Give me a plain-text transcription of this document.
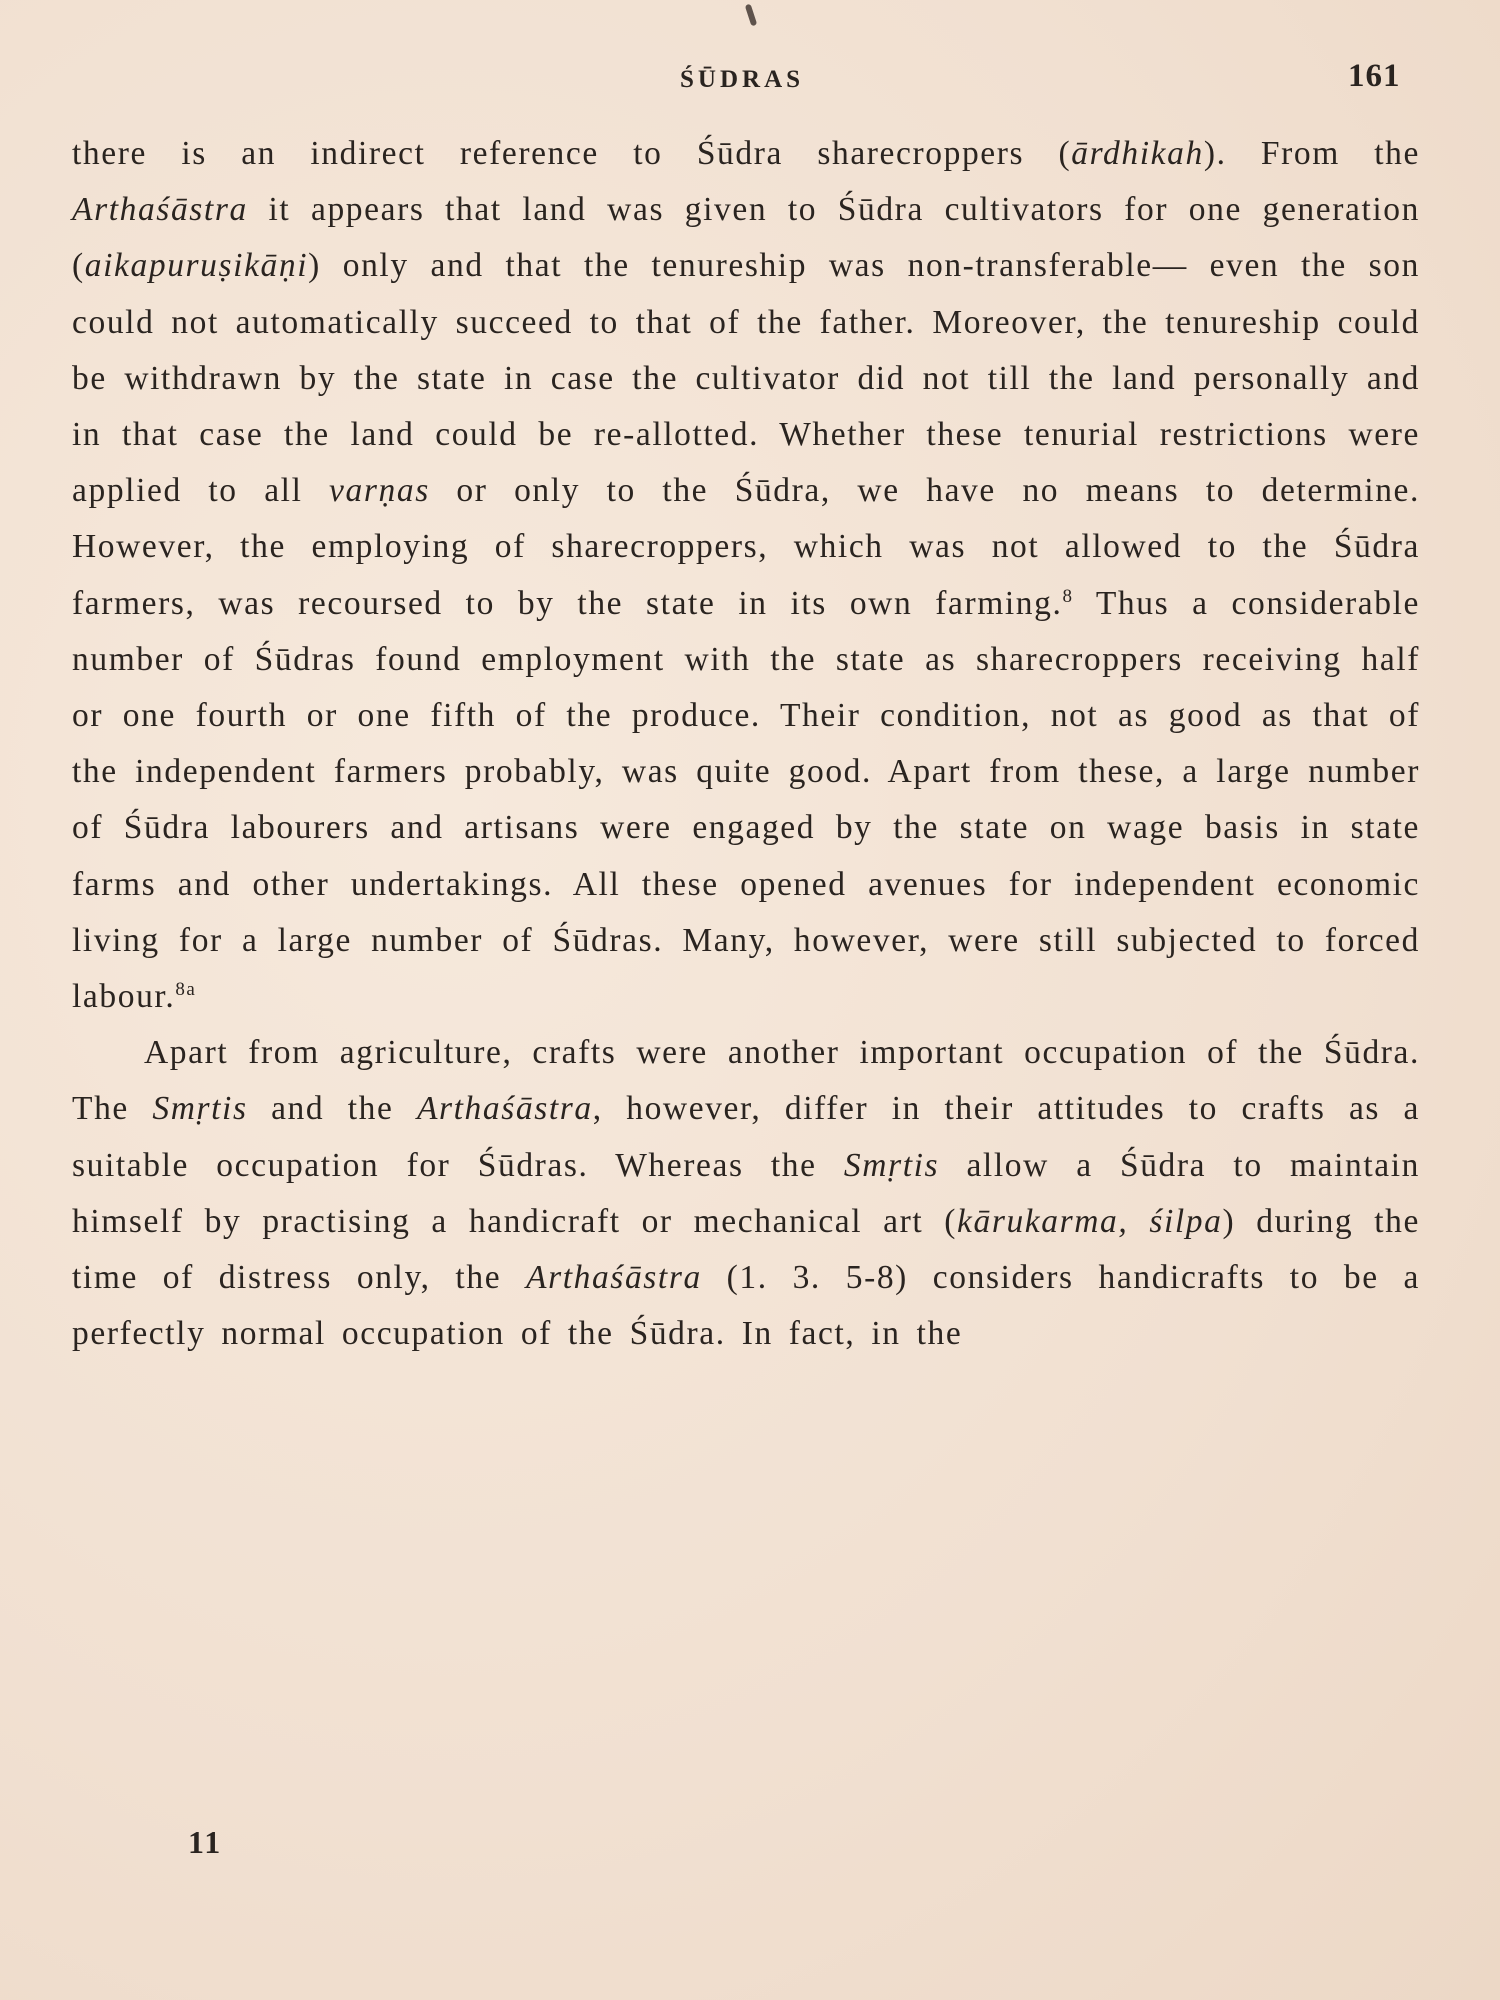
ŚŪDRAS	161

there is an indirect reference to Śūdra sharecroppers (ārdhikah). From the Arthaśāstra it appears that land was given to Śūdra cultivators for one generation (aikapuruṣikāṇi) only and that the tenureship was non-transferable— even the son could not automatically succeed to that of the father. Moreover, the tenureship could be withdrawn by the state in case the cultivator did not till the land personally and in that case the land could be re-allotted. Whether these tenurial restrictions were applied to all varṇas or only to the Śūdra, we have no means to determine. However, the employing of sharecroppers, which was not allowed to the Śūdra farmers, was recoursed to by the state in its own farming.$^8$ Thus a considerable number of Śūdras found employment with the state as sharecroppers receiving half or one fourth or one fifth of the produce. Their condition, not as good as that of the independent farmers probably, was quite good. Apart from these, a large number of Śūdra labourers and artisans were engaged by the state on wage basis in state farms and other undertakings. All these opened avenues for independent economic living for a large number of Śūdras. Many, however, were still subjected to forced labour.$^{8a}$

Apart from agriculture, crafts were another important occupation of the Śūdra. The Smṛtis and the Arthaśāstra, however, differ in their attitudes to crafts as a suitable occupation for Śūdras. Whereas the Smṛtis allow a Śūdra to maintain himself by practising a handicraft or mechanical art (kārukarma, śilpa) during the time of distress only, the Arthaśāstra (1. 3. 5-8) considers handicrafts to be a perfectly normal occupation of the Śūdra. In fact, in the

11
